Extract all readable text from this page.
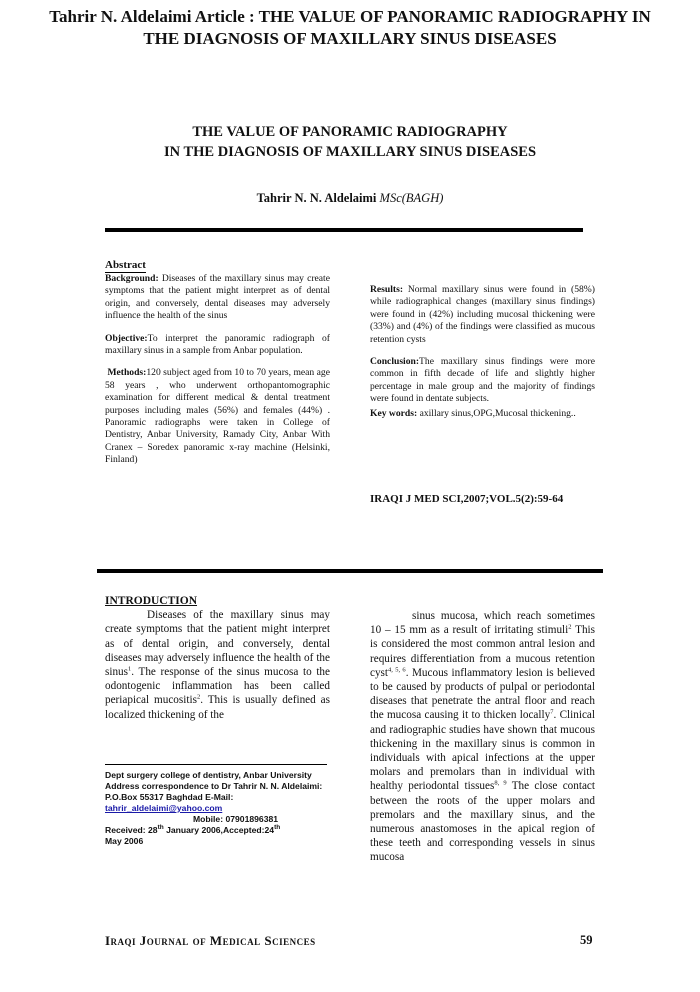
Tahrir N. Aldelaimi Article : THE VALUE OF PANORAMIC RADIOGRAPHY IN
THE DIAGNOSIS OF MAXILLARY SINUS DISEASES
THE VALUE OF PANORAMIC RADIOGRAPHY
IN THE DIAGNOSIS OF MAXILLARY SINUS DISEASES
Tahrir N. N. Aldelaimi MSc(BAGH)
Abstract

Background: Diseases of the maxillary sinus may create symptoms that the patient might interpret as of dental origin, and conversely, dental diseases may adversely influence the health of the sinus

Objective:To interpret the panoramic radiograph of maxillary sinus in a sample from Anbar population.

Methods:120 subject aged from 10 to 70 years, mean age 58 years , who underwent orthopantomographic examination for different medical & dental treatment purposes including males (56%) and females (44%) . Panoramic radiographs were taken in College of Dentistry, Anbar University, Ramady City, Anbar With Cranex – Soredex panoramic x-ray machine (Helsinki, Finland)

Results: Normal maxillary sinus were found in (58%) while radiographical changes (maxillary sinus findings) were found in (42%) including mucosal thickening were (33%) and (4%) of the findings were classified as mucous retention cysts

Conclusion:The maxillary sinus findings were more common in fifth decade of life and slightly higher percentage in male group and the majority of findings were found in dentate subjects.

Key words: axillary sinus,OPG,Mucosal thickening..

IRAQI J MED SCI,2007;VOL.5(2):59-64
INTRODUCTION
Diseases of the maxillary sinus may create symptoms that the patient might interpret as of dental origin, and conversely, dental diseases may adversely influence the health of the sinus$^1$. The response of the sinus mucosa to the odontogenic inflammation has been called periapical mucositis$^2$. This is usually defined as localized thickening of the
Dept surgery college of dentistry, Anbar University
Address correspondence to Dr Tahrir N. N. Aldelaimi: P.O.Box 55317 Baghdad E-Mail: tahrir_aldelaimi@yahoo.com
Mobile: 07901896381
Received: 28th January 2006,Accepted:24th
May 2006
sinus mucosa, which reach sometimes 10 – 15 mm as a result of irritating stimuli$^2$ This is considered the most common antral lesion and requires differentiation from a mucous retention cyst$^{4, 5, 6}$. Mucous inflammatory lesion is believed to be caused by products of pulpal or periodontal diseases that penetrate the antral floor and reach the mucosa causing it to thicken locally$^7$. Clinical and radiographic studies have shown that mucous thickening in the maxillary sinus is common in individuals with apical infections at the upper molars and premolars than in individual with healthy periodontal tissues$^{8, 9}$ The close contact between the roots of the upper molars and premolars and the maxillary sinus, and the numerous anastomoses in the apical region of these teeth and corresponding vessels in sinus mucosa
Iraqi Journal of Medical Sciences	59
